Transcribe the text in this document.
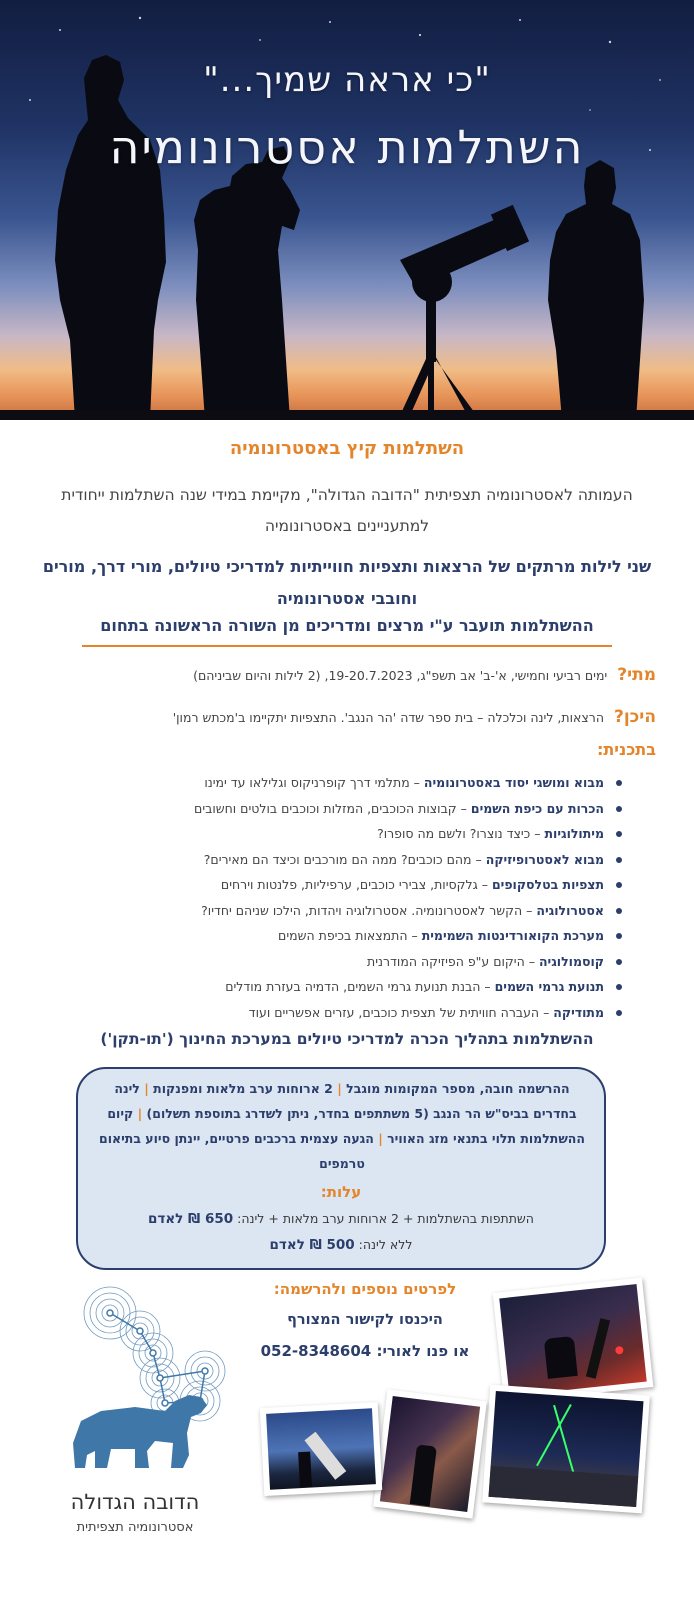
"כי אראה שמיך..."
השתלמות אסטרונומיה
השתלמות קיץ באסטרונומיה
העמותה לאסטרונומיה תצפיתית "הדובה הגדולה", מקיימת במידי שנה השתלמות ייחודית למתעניינים באסטרונומיה
שני לילות מרתקים של הרצאות ותצפיות חווייתיות למדריכי טיולים, מורי דרך, מורים וחובבי אסטרונומיה
ההשתלמות תועבר ע"י מרצים ומדריכים מן השורה הראשונה בתחום
מתי? ימים רביעי וחמישי, א'-ב' אב תשפ"ג, 19-20.7.2023, (2 לילות והיום שביניהם)
היכן? הרצאות, לינה וכלכלה – בית ספר שדה 'הר הנגב'. התצפיות יתקיימו ב'מכתש רמון'
בתכנית:
מבוא ומושגי יסוד באסטרונומיה – מתלמי דרך קופרניקוס וגלילאו עד ימינו
הכרות עם כיפת השמים – קבוצות הכוכבים, המזלות וכוכבים בולטים וחשובים
מיתולוגיות – כיצד נוצרו? ולשם מה סופרו?
מבוא לאסטרופיזיקה – מהם כוכבים? ממה הם מורכבים וכיצד הם מאירים?
תצפיות בטלסקופים – גלקסיות, צבירי כוכבים, ערפיליות, פלנטות וירחים
אסטרולוגיה – הקשר לאסטרונומיה. אסטרולוגיה ויהדות, הילכו שניהם יחדיו?
מערכת הקואורדינטות השמימית – התמצאות בכיפת השמים
קוסמולוגיה – היקום ע"פ הפיזיקה המודרנית
תנועת גרמי השמים – הבנת תנועת גרמי השמים, הדמיה בעזרת מודלים
מתודיקה – העברה חוויתית של תצפית כוכבים, עזרים אפשריים ועוד
ההשתלמות בתהליך הכרה למדריכי טיולים במערכת החינוך ('תו-תקן')
ההרשמה חובה, מספר המקומות מוגבל | 2 ארוחות ערב מלאות ומפנקות | לינה בחדרים בביס"ש הר הנגב (5 משתתפים בחדר, ניתן לשדרג בתוספת תשלום) | קיום ההשתלמות תלוי בתנאי מזג האוויר | הגעה עצמית ברכבים פרטיים, יינתן סיוע בתיאום טרמפים
עלות:
השתתפות בהשתלמות + 2 ארוחות ערב מלאות + לינה: 650 ₪ לאדם
ללא לינה: 500 ₪ לאדם
לפרטים נוספים ולהרשמה:
היכנסו לקישור המצורף
או פנו לאורי: 052-8348604
הדובה הגדולה
אסטרונומיה תצפיתית
